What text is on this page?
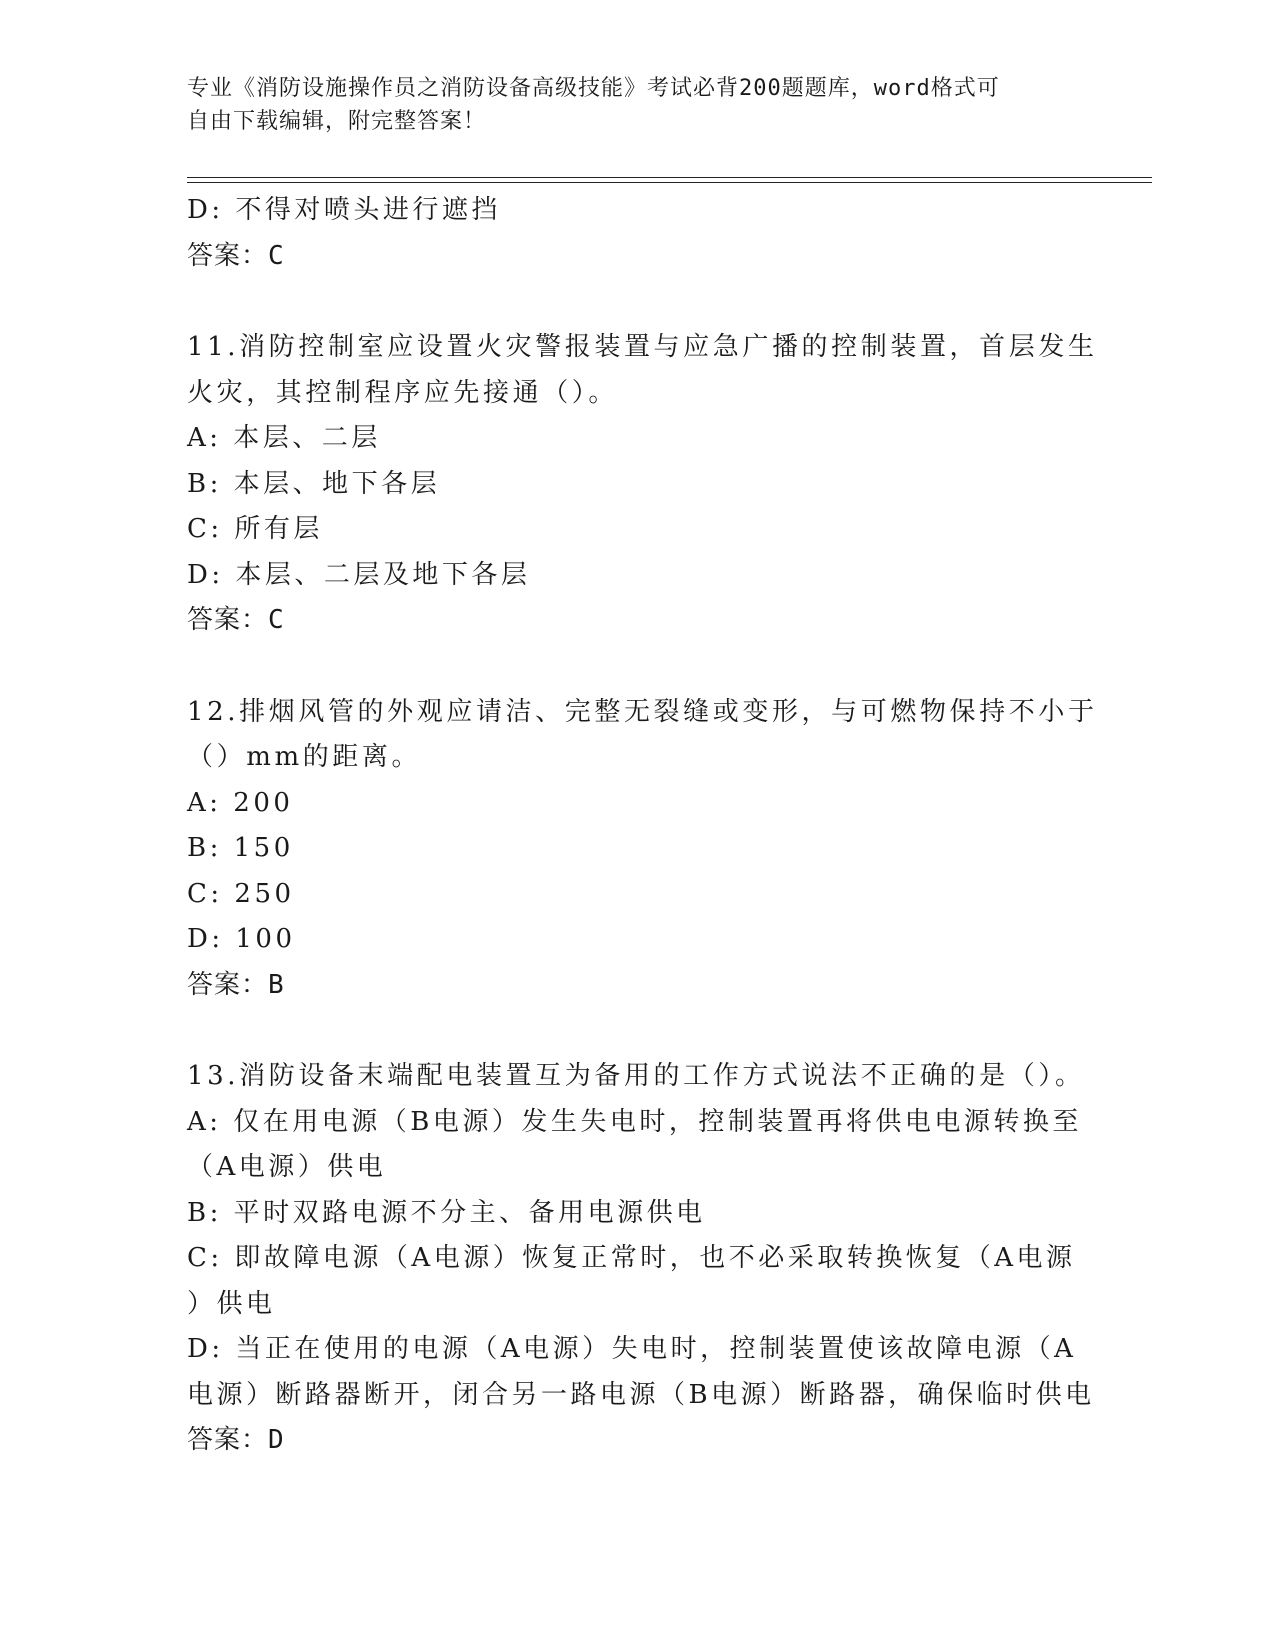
专业《消防设施操作员之消防设备高级技能》考试必背200题题库，word格式可
自由下载编辑，附完整答案！
D: 不得对喷头进行遮挡
答案：C
11.消防控制室应设置火灾警报装置与应急广播的控制装置，首层发生
火灾，其控制程序应先接通（）。
A: 本层、二层
B: 本层、地下各层
C: 所有层
D: 本层、二层及地下各层
答案：C
12.排烟风管的外观应请洁、完整无裂缝或变形，与可燃物保持不小于
（）mm的距离。
A: 200
B: 150
C: 250
D: 100
答案：B
13.消防设备末端配电装置互为备用的工作方式说法不正确的是（）。
A: 仅在用电源（B电源）发生失电时，控制装置再将供电电源转换至
（A电源）供电
B: 平时双路电源不分主、备用电源供电
C: 即故障电源（A电源）恢复正常时，也不必采取转换恢复（A电源
）供电
D: 当正在使用的电源（A电源）失电时，控制装置使该故障电源（A
电源）断路器断开，闭合另一路电源（B电源）断路器，确保临时供电
答案：D
